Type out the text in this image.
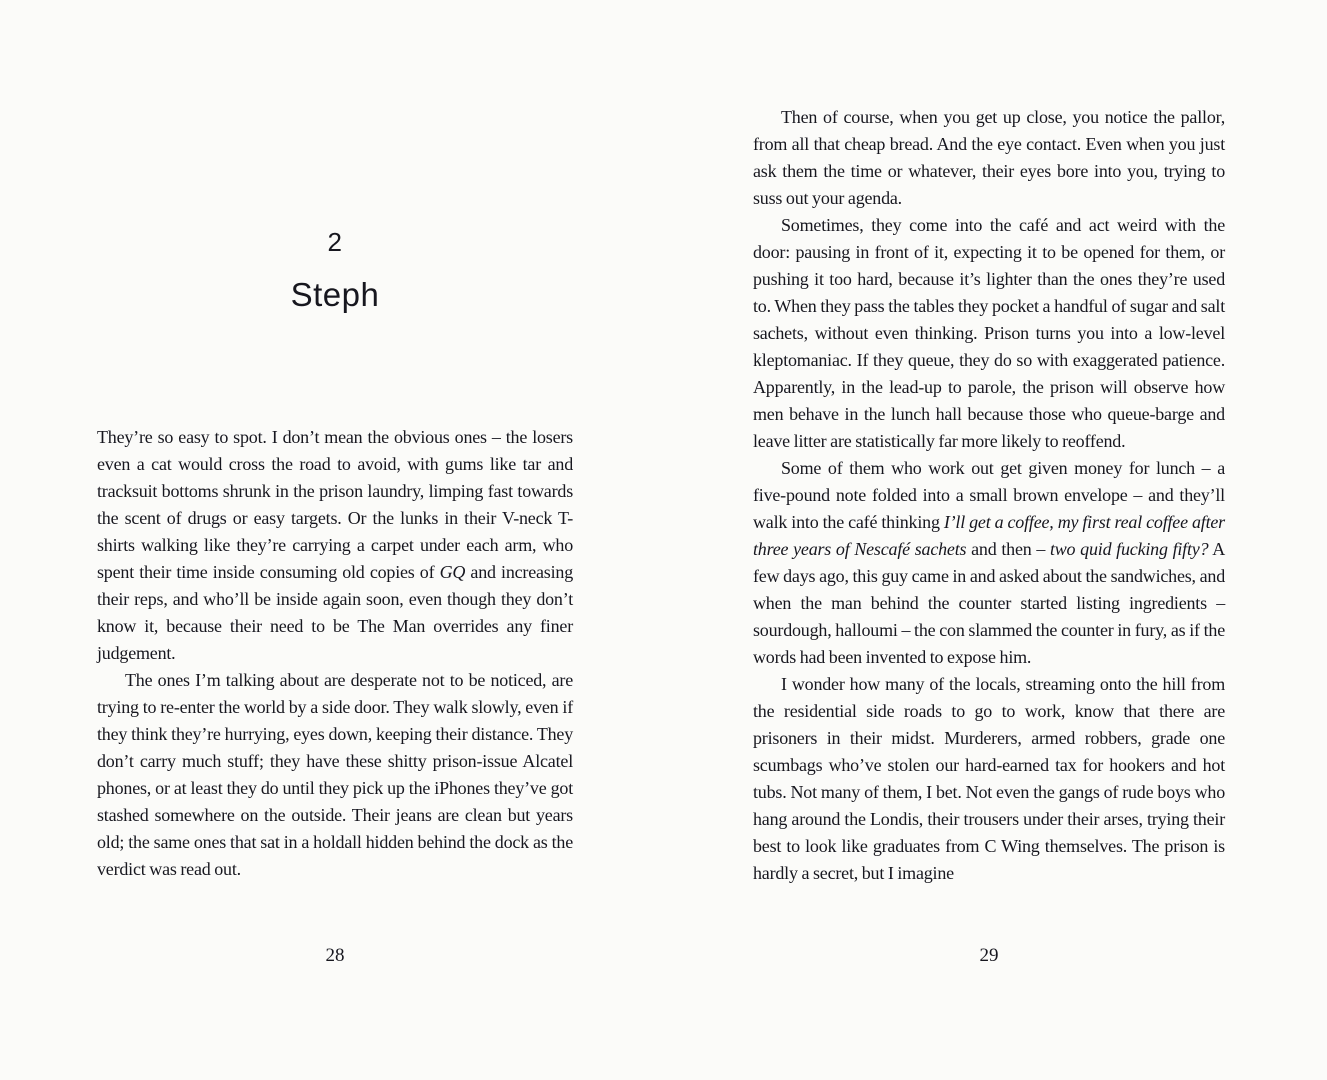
2
Steph

They’re so easy to spot. I don’t mean the obvious ones – the losers even a cat would cross the road to avoid, with gums like tar and tracksuit bottoms shrunk in the prison laundry, limping fast towards the scent of drugs or easy targets. Or the lunks in their V-neck T-shirts walking like they’re carrying a carpet under each arm, who spent their time inside consuming old copies of GQ and increasing their reps, and who’ll be inside again soon, even though they don’t know it, because their need to be The Man overrides any finer judgement.

The ones I’m talking about are desperate not to be noticed, are trying to re-enter the world by a side door. They walk slowly, even if they think they’re hurrying, eyes down, keeping their distance. They don’t carry much stuff; they have these shitty prison-issue Alcatel phones, or at least they do until they pick up the iPhones they’ve got stashed somewhere on the outside. Their jeans are clean but years old; the same ones that sat in a holdall hidden behind the dock as the verdict was read out.

28

Then of course, when you get up close, you notice the pallor, from all that cheap bread. And the eye contact. Even when you just ask them the time or whatever, their eyes bore into you, trying to suss out your agenda.

Sometimes, they come into the café and act weird with the door: pausing in front of it, expecting it to be opened for them, or pushing it too hard, because it’s lighter than the ones they’re used to. When they pass the tables they pocket a handful of sugar and salt sachets, without even thinking. Prison turns you into a low-level kleptomaniac. If they queue, they do so with exaggerated patience. Apparently, in the lead-up to parole, the prison will observe how men behave in the lunch hall because those who queue-barge and leave litter are statistically far more likely to reoffend.

Some of them who work out get given money for lunch – a five-pound note folded into a small brown envelope – and they’ll walk into the café thinking I’ll get a coffee, my first real coffee after three years of Nescafé sachets and then – two quid fucking fifty? A few days ago, this guy came in and asked about the sandwiches, and when the man behind the counter started listing ingredients – sourdough, halloumi – the con slammed the counter in fury, as if the words had been invented to expose him.

I wonder how many of the locals, streaming onto the hill from the residential side roads to go to work, know that there are prisoners in their midst. Murderers, armed robbers, grade one scumbags who’ve stolen our hard-earned tax for hookers and hot tubs. Not many of them, I bet. Not even the gangs of rude boys who hang around the Londis, their trousers under their arses, trying their best to look like graduates from C Wing themselves. The prison is hardly a secret, but I imagine

29
